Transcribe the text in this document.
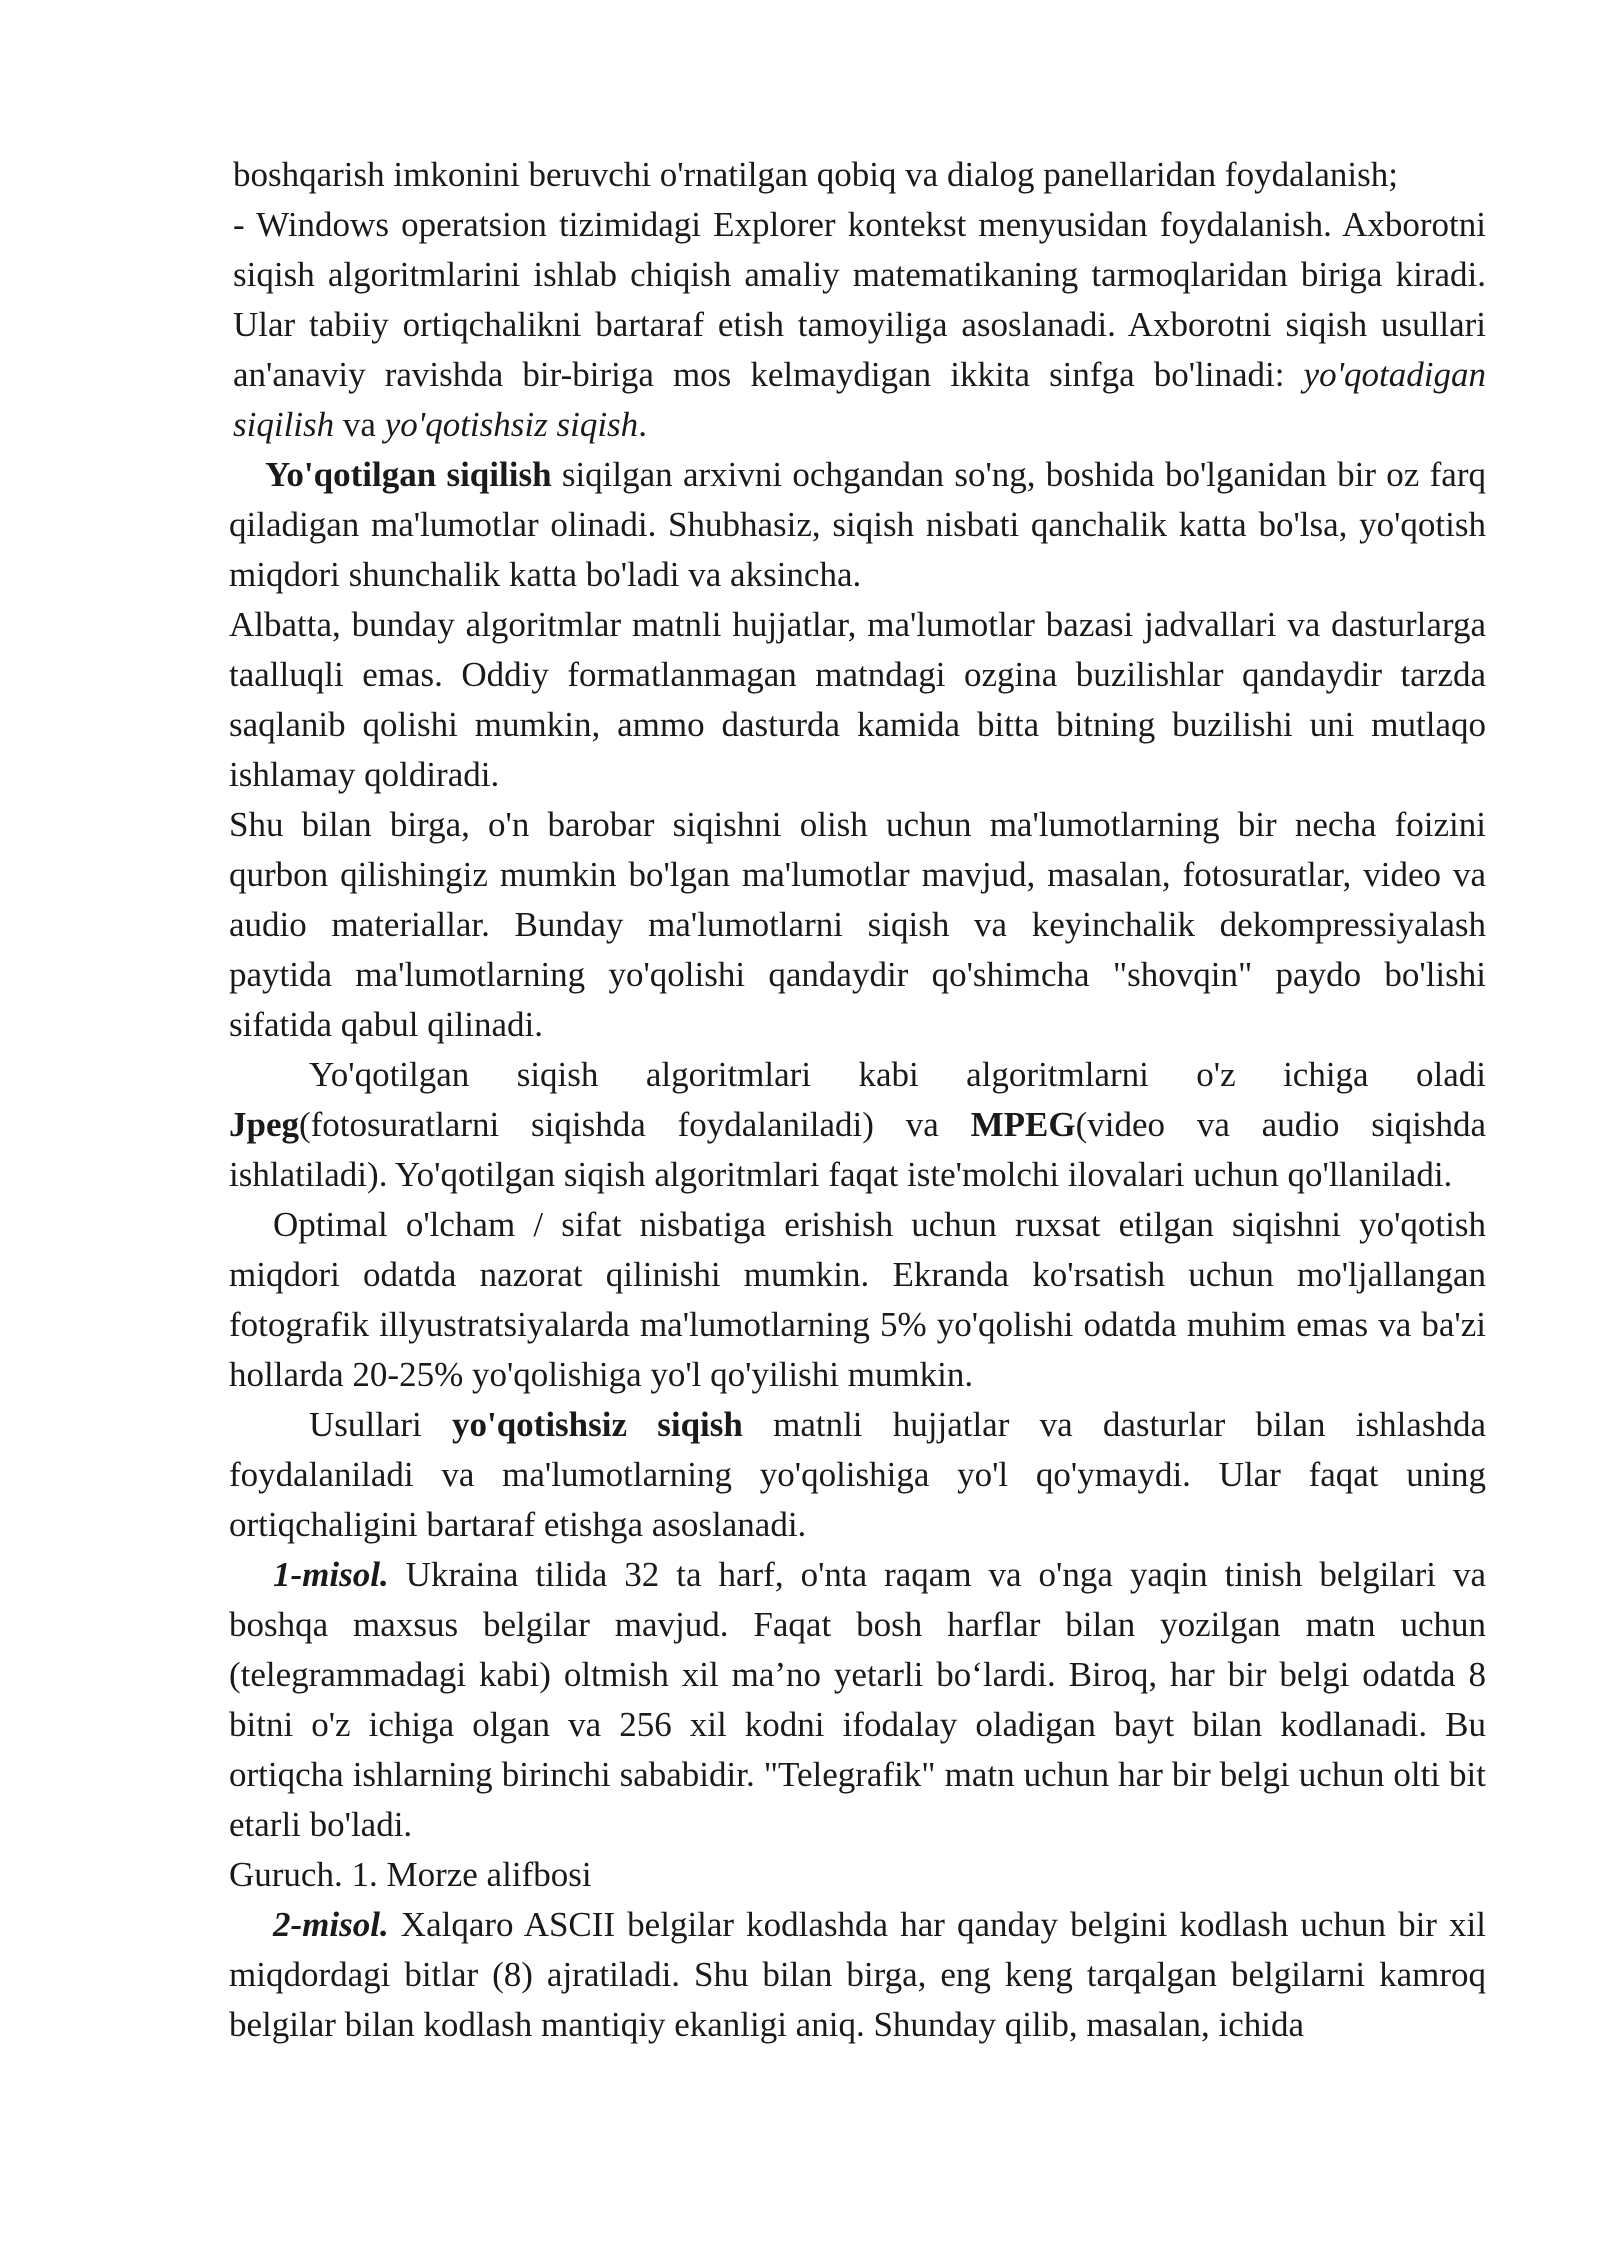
boshqarish imkonini beruvchi o'rnatilgan qobiq va dialog panellaridan foydalanish;
- Windows operatsion tizimidagi Explorer kontekst menyusidan foydalanish. Axborotni siqish algoritmlarini ishlab chiqish amaliy matematikaning tarmoqlaridan biriga kiradi. Ular tabiiy ortiqchalikni bartaraf etish tamoyiliga asoslanadi. Axborotni siqish usullari an'anaviy ravishda bir-biriga mos kelmaydigan ikkita sinfga bo'linadi: yo'qotadigan siqilish va yo'qotishsiz siqish.

Yo'qotilgan siqilish siqilgan arxivni ochgandan so'ng, boshida bo'lganidan bir oz farq qiladigan ma'lumotlar olinadi. Shubhasiz, siqish nisbati qanchalik katta bo'lsa, yo'qotish miqdori shunchalik katta bo'ladi va aksincha.

Albatta, bunday algoritmlar matnli hujjatlar, ma'lumotlar bazasi jadvallari va dasturlarga taalluqli emas. Oddiy formatlanmagan matndagi ozgina buzilishlar qandaydir tarzda saqlanib qolishi mumkin, ammo dasturda kamida bitta bitning buzilishi uni mutlaqo ishlamay qoldiradi.

Shu bilan birga, o'n barobar siqishni olish uchun ma'lumotlarning bir necha foizini qurbon qilishingiz mumkin bo'lgan ma'lumotlar mavjud, masalan, fotosuratlar, video va audio materiallar. Bunday ma'lumotlarni siqish va keyinchalik dekompressiyalash paytida ma'lumotlarning yo'qolishi qandaydir qo'shimcha "shovqin" paydo bo'lishi sifatida qabul qilinadi.

Yo'qotilgan siqish algoritmlari kabi algoritmlarni o'z ichiga oladi Jpeg(fotosuratlarni siqishda foydalaniladi) va MPEG(video va audio siqishda ishlatiladi). Yo'qotilgan siqish algoritmlari faqat iste'molchi ilovalari uchun qo'llaniladi.

Optimal o'lcham / sifat nisbatiga erishish uchun ruxsat etilgan siqishni yo'qotish miqdori odatda nazorat qilinishi mumkin. Ekranda ko'rsatish uchun mo'ljallangan fotografik illyustratsiyalarda ma'lumotlarning 5% yo'qolishi odatda muhim emas va ba'zi hollarda 20-25% yo'qolishiga yo'l qo'yilishi mumkin.

Usullari yo'qotishsiz siqish matnli hujjatlar va dasturlar bilan ishlashda foydalaniladi va ma'lumotlarning yo'qolishiga yo'l qo'ymaydi. Ular faqat uning ortiqchaligini bartaraf etishga asoslanadi.

1-misol. Ukraina tilida 32 ta harf, o'nta raqam va o'nga yaqin tinish belgilari va boshqa maxsus belgilar mavjud. Faqat bosh harflar bilan yozilgan matn uchun (telegrammadagi kabi) oltmish xil ma’no yetarli bo‘lardi. Biroq, har bir belgi odatda 8 bitni o'z ichiga olgan va 256 xil kodni ifodalay oladigan bayt bilan kodlanadi. Bu ortiqcha ishlarning birinchi sababidir. "Telegrafik" matn uchun har bir belgi uchun olti bit etarli bo'ladi.

Guruch. 1. Morze alifbosi

2-misol. Xalqaro ASCII belgilar kodlashda har qanday belgini kodlash uchun bir xil miqdordagi bitlar (8) ajratiladi. Shu bilan birga, eng keng tarqalgan belgilarni kamroq belgilar bilan kodlash mantiqiy ekanligi aniq. Shunday qilib, masalan, ichida
